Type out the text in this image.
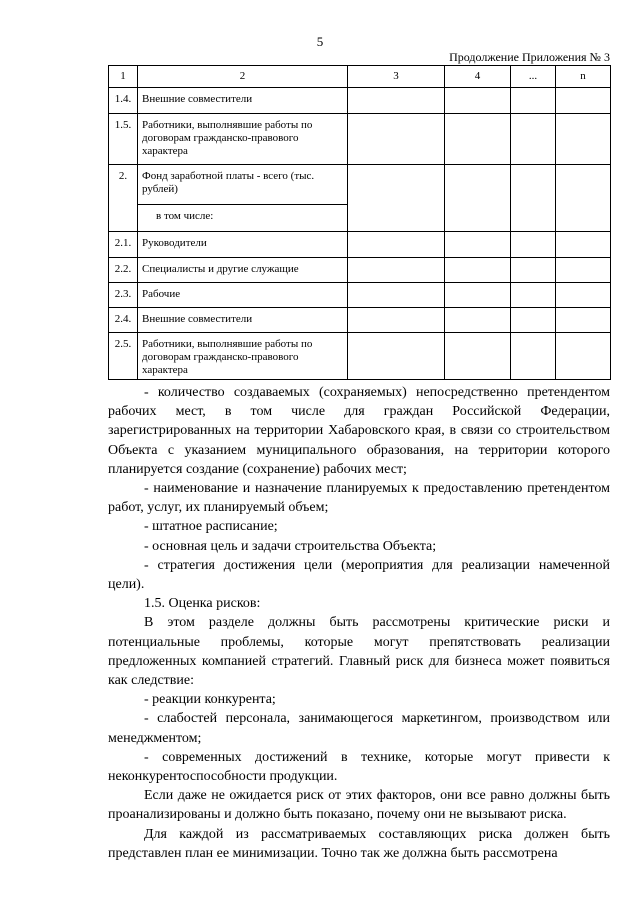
5
Продолжение Приложения № 3
1	2	3	4	...	n
1.4.	Внешние совместители				
1.5.	Работники, выполнявшие работы по договорам гражданско-правового характера				
2.	Фонд заработной платы - всего (тыс. рублей)				
	в том числе:				
2.1.	Руководители				
2.2.	Специалисты и другие служащие				
2.3.	Рабочие				
2.4.	Внешние совместители				
2.5.	Работники, выполнявшие работы по договорам гражданско-правового характера				

- количество создаваемых (сохраняемых) непосредственно претендентом рабочих мест, в том числе для граждан Российской Федерации, зарегистрированных на территории Хабаровского края, в связи со строительством Объекта с указанием муниципального образования, на территории которого планируется создание (сохранение) рабочих мест;

- наименование и назначение планируемых к предоставлению претендентом работ, услуг, их планируемый объем;

- штатное расписание;

- основная цель и задачи строительства Объекта;

- стратегия достижения цели (мероприятия для реализации намеченной цели).

1.5. Оценка рисков:

В этом разделе должны быть рассмотрены критические риски и потенциальные проблемы, которые могут препятствовать реализации предложенных компанией стратегий. Главный риск для бизнеса может появиться как следствие:

- реакции конкурента;

- слабостей персонала, занимающегося маркетингом, производством или менеджментом;

- современных достижений в технике, которые могут привести к неконкурентоспособности продукции.

Если даже не ожидается риск от этих факторов, они все равно должны быть проанализированы и должно быть показано, почему они не вызывают риска.

Для каждой из рассматриваемых составляющих риска должен быть представлен план ее минимизации. Точно так же должна быть рассмотрена
